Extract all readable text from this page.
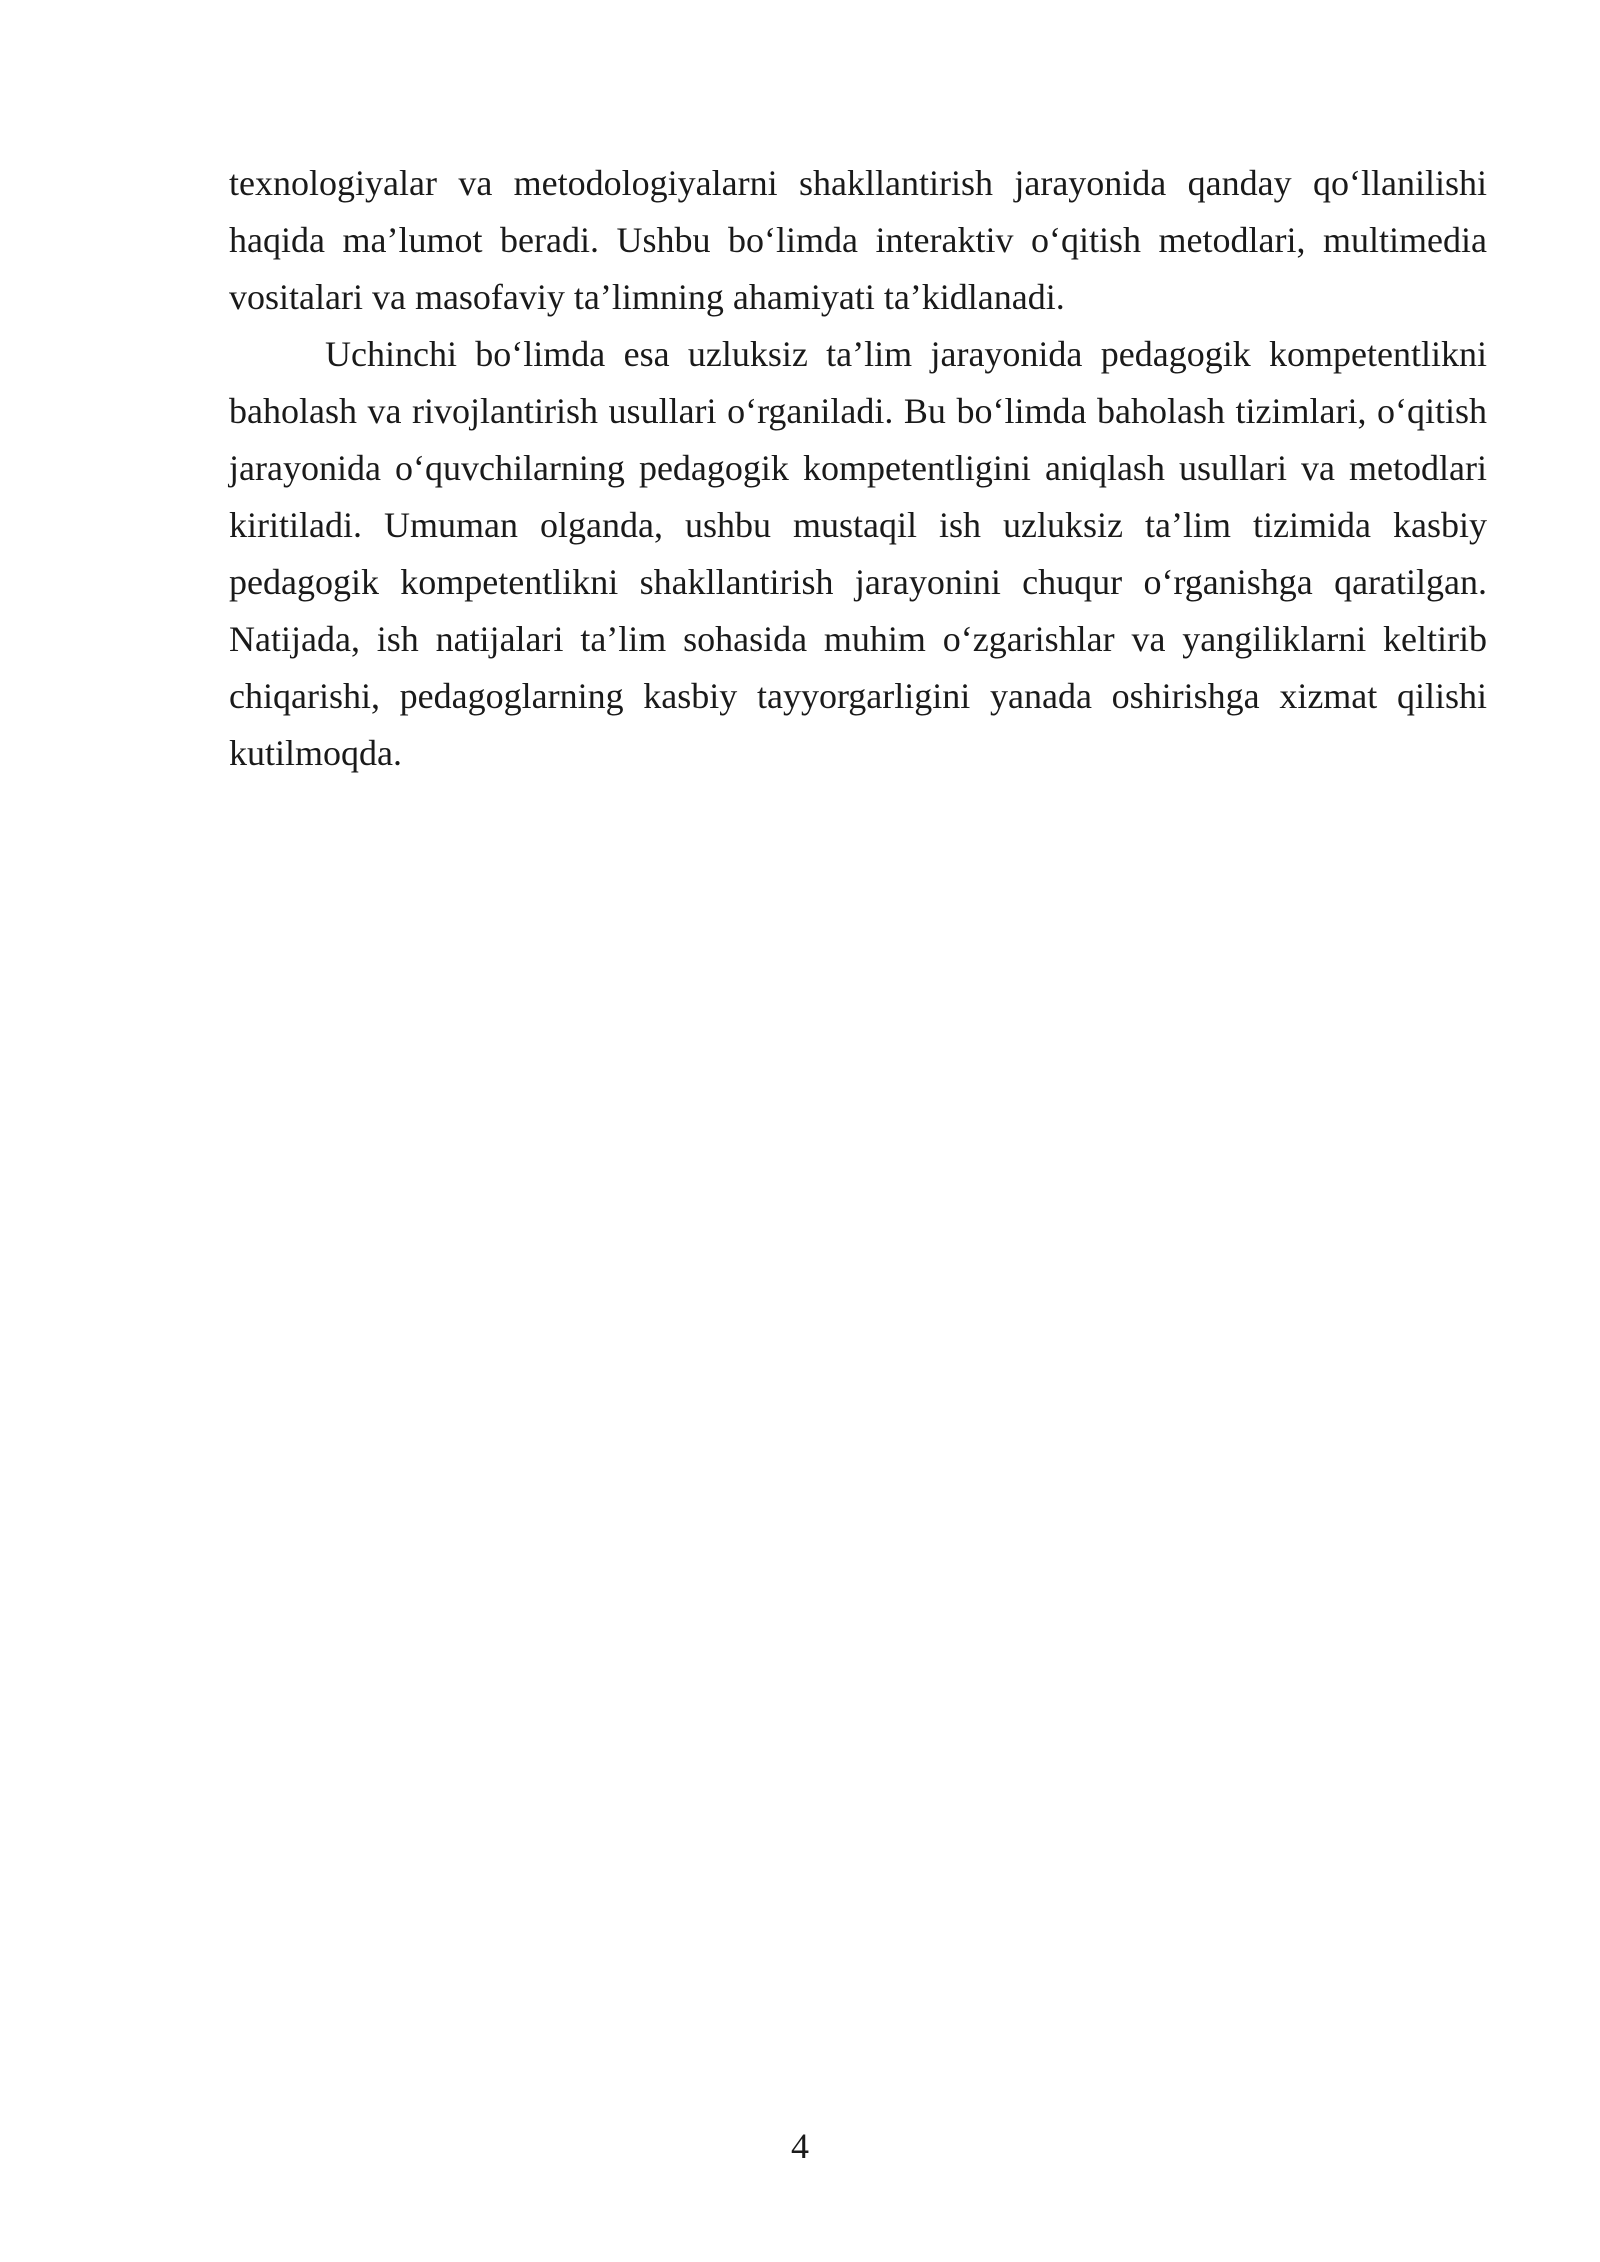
texnologiyalar va metodologiyalarni shakllantirish jarayonida qanday qo‘llanilishi haqida ma’lumot beradi. Ushbu bo‘limda interaktiv o‘qitish metodlari, multimedia vositalari va masofaviy ta’limning ahamiyati ta’kidlanadi.

Uchinchi bo‘limda esa uzluksiz ta’lim jarayonida pedagogik kompetentlikni baholash va rivojlantirish usullari o‘rganiladi. Bu bo‘limda baholash tizimlari, o‘qitish jarayonida o‘quvchilarning pedagogik kompetentligini aniqlash usullari va metodlari kiritiladi. Umuman olganda, ushbu mustaqil ish uzluksiz ta’lim tizimida kasbiy pedagogik kompetentlikni shakllantirish jarayonini chuqur o‘rganishga qaratilgan. Natijada, ish natijalari ta’lim sohasida muhim o‘zgarishlar va yangiliklarni keltirib chiqarishi, pedagoglarning kasbiy tayyorgarligini yanada oshirishga xizmat qilishi kutilmoqda.

4
